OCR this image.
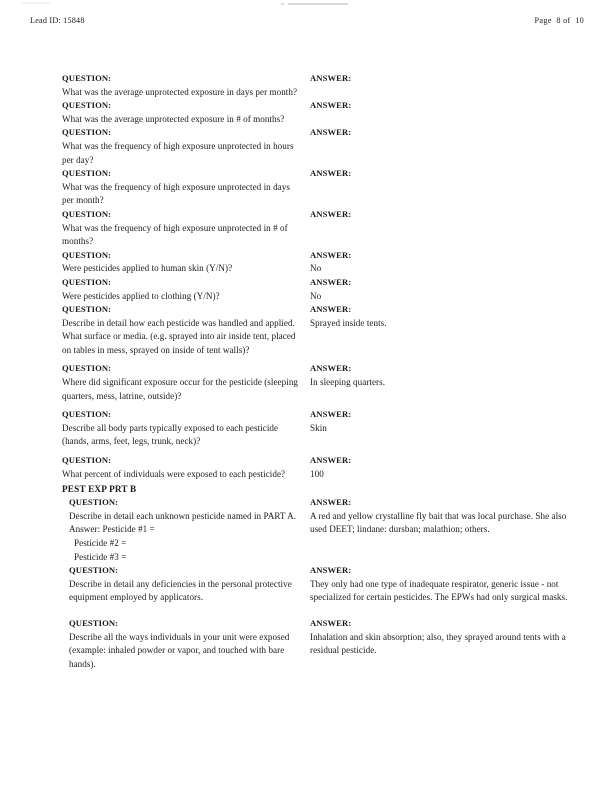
Lead ID: 15848	Page  8 of  10
QUESTION:
What was the average unprotected exposure in days per month?
ANSWER:
QUESTION:
What was the average unprotected exposure in # of months?
ANSWER:
QUESTION:
What was the frequency of high exposure unprotected in hours per day?
ANSWER:
QUESTION:
What was the frequency of high exposure unprotected in days per month?
ANSWER:
QUESTION:
What was the frequency of high exposure unprotected in # of months?
ANSWER:
QUESTION:
Were pesticides applied to human skin (Y/N)?
ANSWER:
No
QUESTION:
Were pesticides applied to clothing (Y/N)?
ANSWER:
No
QUESTION:
Describe in detail how each pesticide was handled and applied. What surface or media. (e.g. sprayed into air inside tent, placed on tables in mess, sprayed on inside of tent walls)?
ANSWER:
Sprayed inside tents.
QUESTION:
Where did significant exposure occur for the pesticide (sleeping quarters, mess, latrine, outside)?
ANSWER:
In sleeping quarters.
QUESTION:
Describe all body parts typically exposed to each pesticide (hands, arms, feet, legs, trunk, neck)?
ANSWER:
Skin
QUESTION:
What percent of individuals were exposed to each pesticide?
ANSWER:
100
PEST EXP PRT B
QUESTION:
Describe in detail each unknown pesticide named in PART A.
Answer: Pesticide #1 =
Pesticide #2 =
Pesticide #3 =
ANSWER:
A red and yellow crystalline fly bait that was local purchase. She also used DEET; lindane: dursban; malathion; others.
QUESTION:
Describe in detail any deficiencies in the personal protective equipment employed by applicators.
ANSWER:
They only had one type of inadequate respirator, generic issue - not specialized for certain pesticides. The EPWs had only surgical masks.
QUESTION:
Describe all the ways individuals in your unit were exposed (example: inhaled powder or vapor, and touched with bare hands).
ANSWER:
Inhalation and skin absorption; also, they sprayed around tents with a residual pesticide.
